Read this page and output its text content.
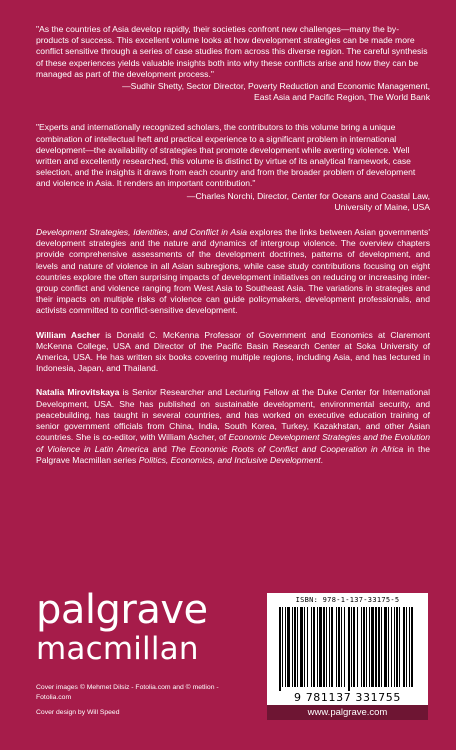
"As the countries of Asia develop rapidly, their societies confront new challenges—many the by-products of success. This excellent volume looks at how development strategies can be made more conflict sensitive through a series of case studies from across this diverse region. The careful synthesis of these experiences yields valuable insights both into why these conflicts arise and how they can be managed as part of the development process."

—Sudhir Shetty, Sector Director, Poverty Reduction and Economic Management,
East Asia and Pacific Region, The World Bank

"Experts and internationally recognized scholars, the contributors to this volume bring a unique combination of intellectual heft and practical experience to a significant problem in international development—the availability of strategies that promote development while averting violence. Well written and excellently researched, this volume is distinct by virtue of its analytical framework, case selection, and the insights it draws from each country and from the broader problem of development and violence in Asia. It renders an important contribution."

—Charles Norchi, Director, Center for Oceans and Coastal Law,
University of Maine, USA
Development Strategies, Identities, and Conflict in Asia explores the links between Asian governments' development strategies and the nature and dynamics of intergroup violence. The overview chapters provide comprehensive assessments of the development doctrines, patterns of development, and levels and nature of violence in all Asian subregions, while case study contributions focusing on eight countries explore the often surprising impacts of development initiatives on reducing or increasing inter-group conflict and violence ranging from West Asia to Southeast Asia. The variations in strategies and their impacts on multiple risks of violence can guide policymakers, development professionals, and activists committed to conflict-sensitive development.
William Ascher is Donald C. McKenna Professor of Government and Economics at Claremont McKenna College, USA and Director of the Pacific Basin Research Center at Soka University of America, USA. He has written six books covering multiple regions, including Asia, and has lectured in Indonesia, Japan, and Thailand.
Natalia Mirovitskaya is Senior Researcher and Lecturing Fellow at the Duke Center for International Development, USA. She has published on sustainable development, environmental security, and peacebuilding, has taught in several countries, and has worked on executive education training of senior government officials from China, India, South Korea, Turkey, Kazakhstan, and other Asian countries. She is co-editor, with William Ascher, of Economic Development Strategies and the Evolution of Violence in Latin America and The Economic Roots of Conflict and Cooperation in Africa in the Palgrave Macmillan series Politics, Economics, and Inclusive Development.
palgrave
macmillan
Cover images © Mehmet Dilsiz - Fotolia.com and © metlion - Fotolia.com
Cover design by Will Speed
ISBN: 978-1-137-33175-5
9 781137 331755
www.palgrave.com
